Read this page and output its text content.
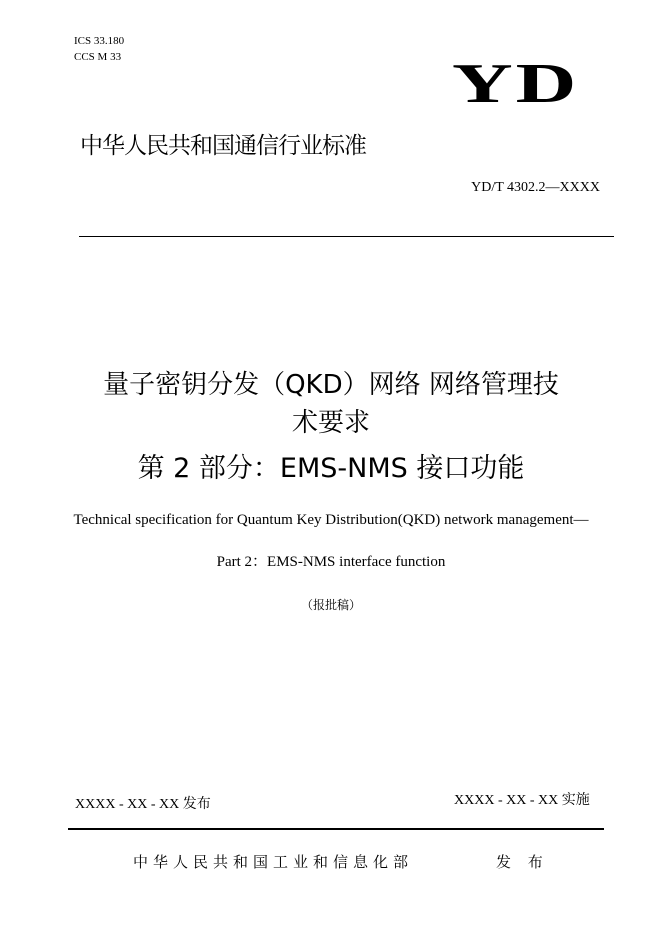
ICS 33.180
CCS M 33	YD
中华人民共和国通信行业标准
YD/T 4302.2—XXXX
量子密钥分发（QKD）网络 网络管理技
术要求
第 2 部分：EMS-NMS 接口功能
Technical specification for Quantum Key Distribution(QKD) network management—
Part 2：EMS-NMS interface function
（报批稿）
XXXX - XX - XX 发布	XXXX - XX - XX 实施
中华人民共和国工业和信息化部	发 布
